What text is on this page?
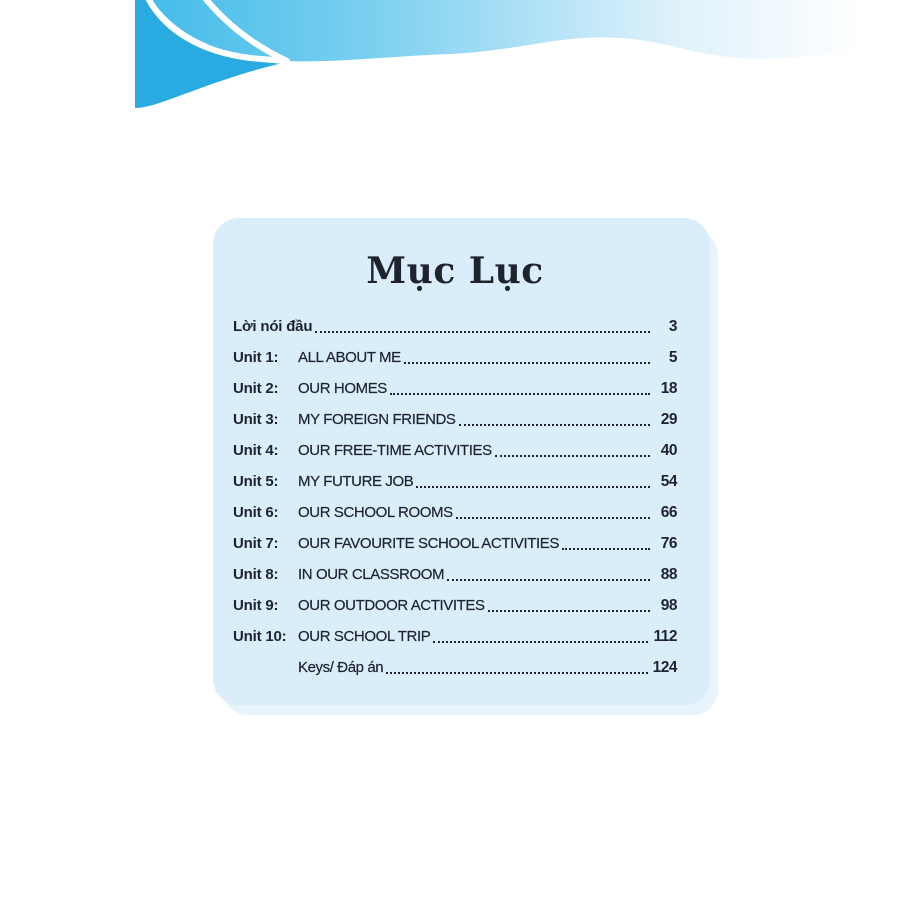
Mục Lục
Lời nói đầu	3
Unit 1:	ALL ABOUT ME	5
Unit 2:	OUR HOMES	18
Unit 3:	MY FOREIGN FRIENDS	29
Unit 4:	OUR FREE-TIME ACTIVITIES	40
Unit 5:	MY FUTURE JOB	54
Unit 6:	OUR SCHOOL ROOMS	66
Unit 7:	OUR FAVOURITE SCHOOL ACTIVITIES	76
Unit 8:	IN OUR CLASSROOM	88
Unit 9:	OUR OUTDOOR ACTIVITES	98
Unit 10: OUR SCHOOL TRIP	112
Keys/ Đáp án	124
